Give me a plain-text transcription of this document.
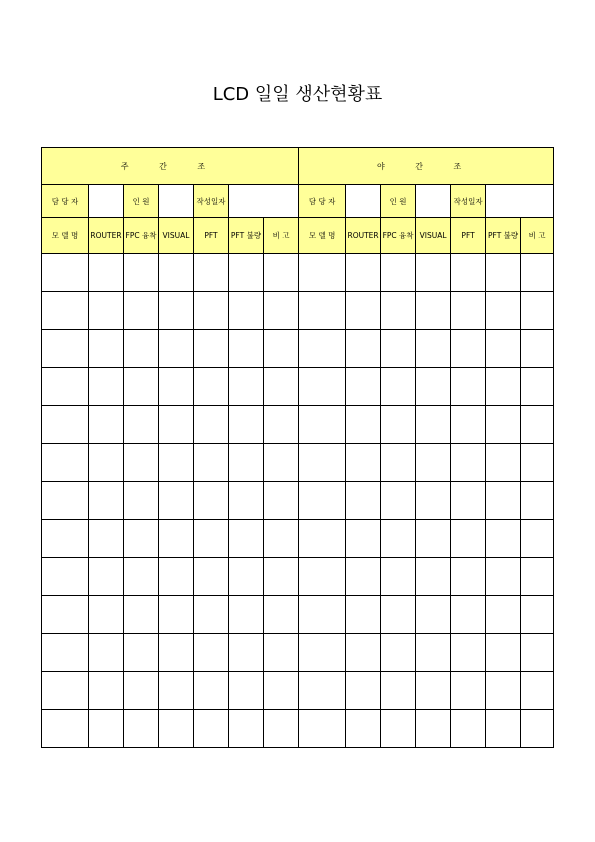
LCD 일일 생산현황표
주 간 조							야 간 조						
담 당 자		인 원		작성일자			담 당 자		인 원		작성일자		
모 델 명	ROUTER	FPC 융착	VISUAL	PFT	PFT 불량	비 고	모 델 명	ROUTER	FPC 융착	VISUAL	PFT	PFT 불량	비 고
